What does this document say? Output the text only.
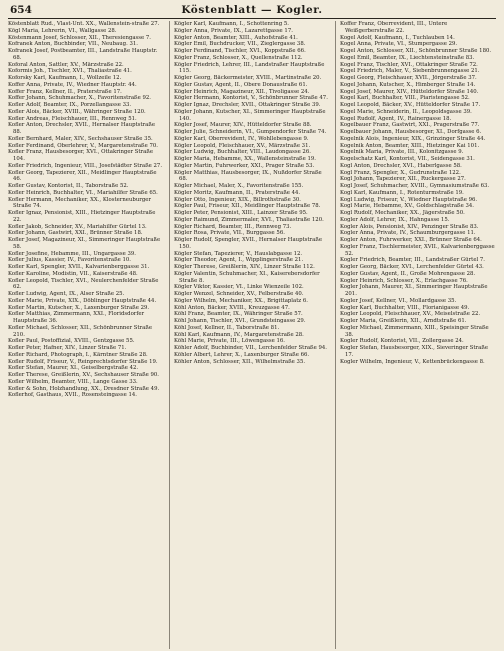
654	Köstenblatt — Kogler.

Köstenblatt Rud., Vlast-Unt. XX., Wallenstein-straße 27.

Kögl Maria, Lehrerin, VI., Wallgasse 28.

Köstenmann Josef, Schlosser, XII., Theresiengasse 7.

Kofranek Anton, Buchbinder, VII., Neubaug. 31.

Kofranek Josef, Postbeamter, III., Landstraße Hauptstr. 68.

Koforal Anton, Sattler, XV., Märzstraße 22.

Koformis Joh., Tischler, XVI., Thaliastraße 41.

Koforsky Karl, Kaufmann, I., Wollzeile 12.

Koffer Anna, Private, IV., Wiedner Hauptstr. 44.

Koffer Franz, Kellner, II., Praterstraße 17.

Koffer Johann, Schuhmacher, X., Favoritenstraße 92.

Kofler Adolf, Beamter, IX., Porzellangasse 33.

Kofler Alois, Bäcker, XVIII., Währinger Straße 120.

Kofler Andreas, Fleischhauer, III., Rennweg 51.

Kofler Anton, Drechsler, XVII., Hernalser Hauptstraße 88.

Kofler Bernhard, Maler, XIV., Sechshauser Straße 35.

Kofler Ferdinand, Oberlehrer, V., Margaretenstraße 70.

Kofler Franz, Hausbesorger, XVI., Ottakringer Straße 104.

Kofler Friedrich, Ingenieur, VIII., Josefstädter Straße 27.

Kofler Georg, Tapezierer, XII., Meidlinger Hauptstraße 46.

Kofler Gustav, Kontorist, II., Taborstraße 52.

Kofler Heinrich, Buchhalter, VI., Mariahilfer Straße 65.

Kofler Hermann, Mechaniker, XX., Klosterneuburger Straße 74.

Kofler Ignaz, Pensionist, XIII., Hietzinger Hauptstraße 22.

Kofler Jakob, Schneider, XV., Mariahilfer Gürtel 13.

Kofler Johann, Gastwirt, XXI., Brünner Straße 18.

Kofler Josef, Magazineur, XI., Simmeringer Hauptstraße 58.

Kofler Josefine, Hebamme, III., Ungargasse 39.

Kofler Julius, Kassier, IV., Favoritenstraße 10.

Kofler Karl, Spengler, XVII., Kalvarienberggasse 31.

Kofler Karoline, Modistin, VII., Kaiserstraße 48.

Kofler Leopold, Tischler, XVI., Neulerchenfelder Straße 62.

Kofler Ludwig, Agent, IX., Alser Straße 25.

Kofler Marie, Private, XIX., Döblinger Hauptstraße 44.

Kofler Martin, Kutscher, X., Laxenburger Straße 29.

Kofler Matthias, Zimmermann, XXI., Floridsdorfer Hauptstraße 36.

Kofler Michael, Schlosser, XII., Schönbrunner Straße 210.

Kofler Paul, Postoffizial, XVIII., Gentzgasse 55.

Kofler Peter, Hafner, XIV., Linzer Straße 71.

Kofler Richard, Photograph, I., Kärntner Straße 28.

Kofler Rudolf, Friseur, V., Reinprechtsdorfer Straße 19.

Kofler Stefan, Maurer, XI., Geiselbergstraße 42.

Kofler Therese, Greißlerin, XV., Sechshauser Straße 90.

Kofler Wilhelm, Beamter, VIII., Lange Gasse 33.

Kofler & Sohn, Holzhandlung, XX., Dresdner Straße 49.

Koflerhof, Gasthaus, XVII., Rosensteingasse 14.

Kögler Karl, Kaufmann, I., Schottenring 5.

Kögler Anna, Private, IX., Lazarettgasse 17.

Kögler Anton, Beamter, XIII., Auhofstraße 41.

Kögler Emil, Buchdrucker, VII., Zieglergasse 38.

Kögler Ferdinand, Tischler, XVI., Koppstraße 66.

Kögler Franz, Schlosser, X., Quellenstraße 112.

Kögler Friedrich, Lehrer, III., Landstraßer Hauptstraße 115.

Kögler Georg, Bäckermeister, XVIII., Martinstraße 20.

Kögler Gustav, Agent, II., Obere Donaustraße 61.

Kögler Heinrich, Magazineur, XII., Tivoligasse 24.

Kögler Hermann, Kontorist, V., Schönbrunner Straße 47.

Kögler Ignaz, Drechsler, XVII., Ottakringer Straße 39.

Kögler Johann, Kutscher, XI., Simmeringer Hauptstraße 140.

Kögler Josef, Maurer, XIV., Hütteldorfer Straße 88.

Kögler Julie, Schneiderin, VI., Gumpendorfer Straße 74.

Kögler Karl, Oberrevident, IV., Wohllebengasse 9.

Kögler Leopold, Fleischhauer, XV., Märzstraße 31.

Kögler Ludwig, Buchhalter, VIII., Laudongasse 26.

Kögler Maria, Hebamme, XX., Wallensteinstraße 19.

Kögler Martin, Fuhrwerker, XXI., Prager Straße 53.

Kögler Matthias, Hausbesorger, IX., Nußdorfer Straße 68.

Kögler Michael, Maler, X., Favoritenstraße 155.

Kögler Moritz, Kaufmann, II., Praterstraße 44.

Kögler Otto, Ingenieur, XIX., Billrothstraße 30.

Kögler Paul, Friseur, XII., Meidlinger Hauptstraße 78.

Kögler Peter, Pensionist, XIII., Lainzer Straße 95.

Kögler Raimund, Zimmermaler, XVI., Thaliastraße 120.

Kögler Richard, Beamter, III., Rennweg 73.

Kögler Rosa, Private, VII., Burggasse 56.

Kögler Rudolf, Spengler, XVII., Hernalser Hauptstraße 150.

Kögler Stefan, Tapezierer, V., Hauslabgasse 12.

Kögler Theodor, Agent, I., Wipplingerstraße 21.

Kögler Therese, Greißlerin, XIV., Linzer Straße 112.

Kögler Valentin, Schuhmacher, XI., Kaiserebersdorfer Straße 8.

Kögler Viktor, Kassier, VI., Linke Wienzeile 102.

Kögler Wenzel, Schneider, XV., Felberstraße 40.

Kögler Wilhelm, Mechaniker, XX., Brigittaplatz 6.

Köhl Anton, Bäcker, XVIII., Kreuzgasse 47.

Köhl Franz, Beamter, IX., Währinger Straße 57.

Köhl Johann, Tischler, XVI., Grundsteingasse 29.

Köhl Josef, Kellner, II., Taborstraße 81.

Köhl Karl, Kaufmann, IV., Margaretenstraße 28.

Köhl Marie, Private, III., Löwengasse 16.

Köhler Adolf, Buchbinder, VII., Lerchenfelder Straße 94.

Köhler Albert, Lehrer, X., Laxenburger Straße 66.

Köhler Anton, Schlosser, XII., Wilhelmstraße 35.

Koffer Franz, Oberrevident, III., Untere Weißgerberstraße 22.

Kogel Adolf, Kaufmann, I., Tuchlauben 14.

Kogel Anna, Private, VI., Stumpergasse 29.

Kogel Anton, Schlosser, XII., Schönbrunner Straße 180.

Kogel Emil, Beamter, IX., Liechtensteinstraße 83.

Kogel Franz, Tischler, XVI., Ottakringer Straße 72.

Kogel Friedrich, Maler, V., Siebenbrunnengasse 21.

Kogel Georg, Fleischhauer, XVII., Jörgerstraße 37.

Kogel Johann, Kutscher, X., Himberger Straße 14.

Kogel Josef, Maurer, XIV., Hütteldorfer Straße 140.

Kogel Karl, Buchhalter, VIII., Piaristengasse 52.

Kogel Leopold, Bäcker, XV., Hütteldorfer Straße 17.

Kogel Marie, Schneiderin, II., Leopoldsgasse 39.

Kogel Rudolf, Agent, IV., Rainergasse 18.

Kogelbauer Franz, Gastwirt, XXI., Pragerstraße 77.

Kogelbauer Johann, Hausbesorger, XI., Dorfgasse 6.

Kogelnik Alois, Ingenieur, XIX., Grinzinger Straße 44.

Kogelnik Anton, Beamter, XIII., Hietzinger Kai 101.

Kogelnik Maria, Private, III., Kolonitzgasse 9.

Kogelschatz Karl, Kontorist, VII., Seidengasse 31.

Kogl Anton, Drechsler, XVI., Haberlgasse 58.

Kogl Franz, Spengler, X., Gudrunstraße 122.

Kogl Johann, Tapezierer, XII., Ruckergasse 27.

Kogl Josef, Schuhmacher, XVIII., Gymnasiumstraße 63.

Kogl Karl, Kaufmann, I., Rotenturmstraße 19.

Kogl Ludwig, Friseur, V., Wiedner Hauptstraße 96.

Kogl Marie, Hebamme, XV., Goldschlagstraße 34.

Kogl Rudolf, Mechaniker, XX., Jägerstraße 50.

Kogler Adolf, Lehrer, IX., Hahngasse 15.

Kogler Alois, Pensionist, XIV., Penzinger Straße 83.

Kogler Anna, Private, IV., Schaumburgergasse 11.

Kogler Anton, Fuhrwerker, XXI., Brünner Straße 64.

Kogler Franz, Tischlermeister, XVII., Kalvarienberggasse 52.

Kogler Friedrich, Beamter, III., Landstraßer Gürtel 7.

Kogler Georg, Bäcker, XVI., Lerchenfelder Gürtel 43.

Kogler Gustav, Agent, II., Große Mohrengasse 28.

Kogler Heinrich, Schlosser, X., Erlachgasse 76.

Kogler Johann, Maurer, XI., Simmeringer Hauptstraße 201.

Kogler Josef, Kellner, VI., Mollardgasse 35.

Kogler Karl, Buchhalter, VIII., Florianigasse 49.

Kogler Leopold, Fleischhauer, XV., Meiselstraße 22.

Kogler Maria, Greißlerin, XII., Arndtstraße 61.

Kogler Michael, Zimmermann, XIII., Speisinger Straße 38.

Kogler Rudolf, Kontorist, VII., Zollergasse 24.

Kogler Stefan, Hausbesorger, XIX., Sieveringer Straße 17.

Kogler Wilhelm, Ingenieur, V., Kettenbrückengasse 8.
